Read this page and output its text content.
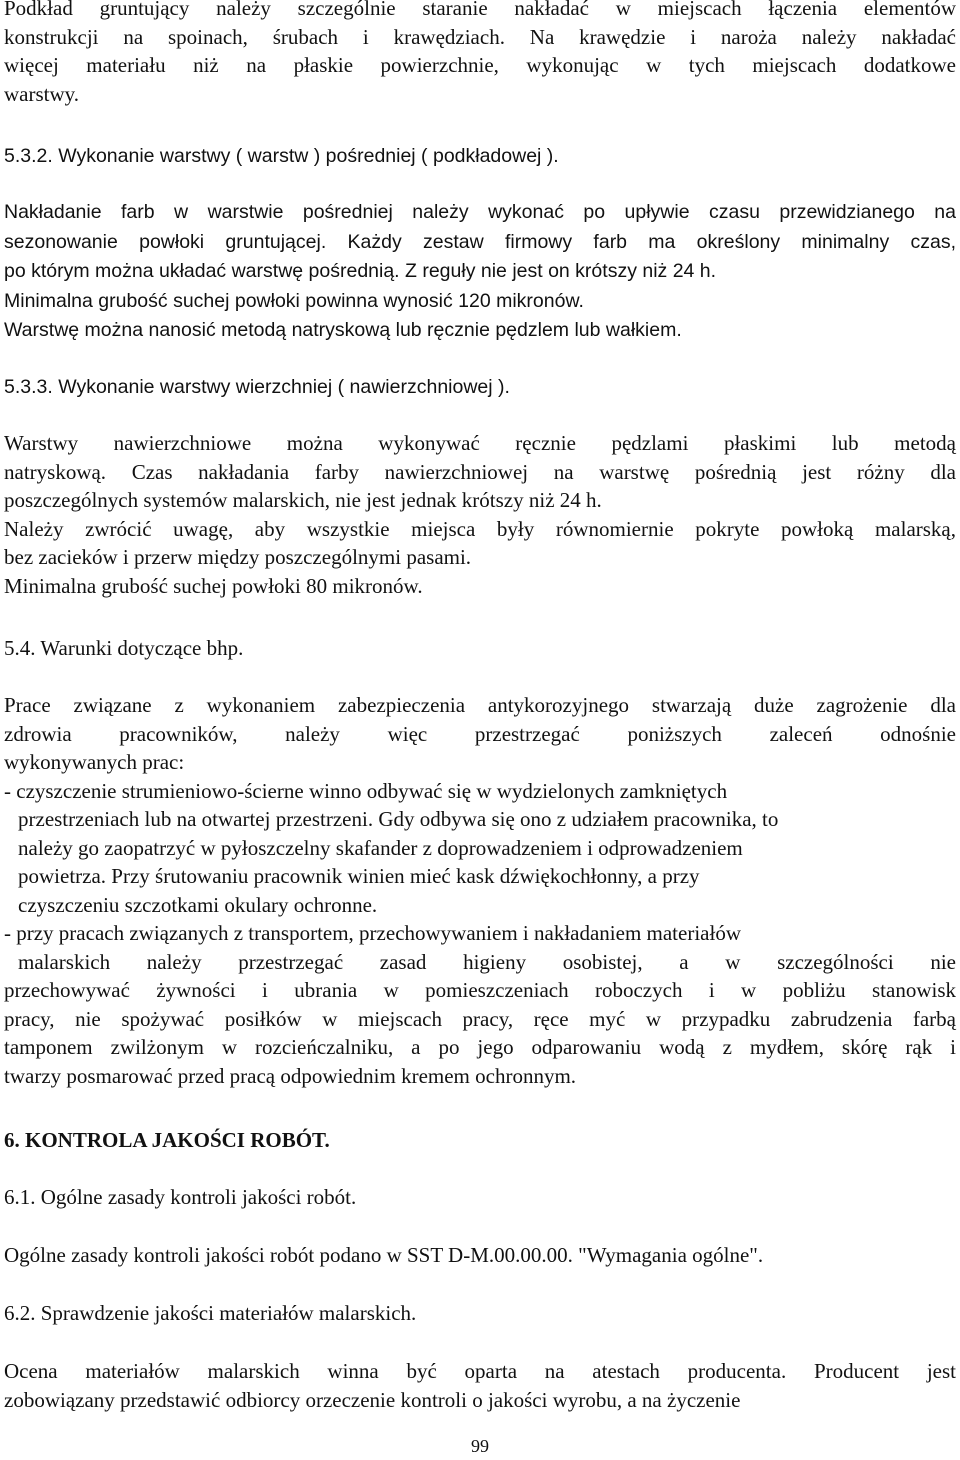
Podkład gruntujący należy szczególnie staranie nakładać w miejscach łączenia elementów
konstrukcji na spoinach, śrubach i krawędziach. Na krawędzie i naroża należy nakładać
więcej materiału niż na płaskie powierzchnie, wykonując w tych miejscach dodatkowe
warstwy.
5.3.2. Wykonanie warstwy ( warstw ) pośredniej ( podkładowej ).
Nakładanie farb w warstwie pośredniej należy wykonać po upływie czasu przewidzianego na
sezonowanie powłoki gruntującej. Każdy zestaw firmowy farb ma określony minimalny czas,
po którym można układać warstwę pośrednią. Z reguły nie jest on krótszy niż 24 h.
Minimalna grubość suchej powłoki powinna wynosić 120 mikronów.
Warstwę można nanosić metodą natryskową lub ręcznie pędzlem lub wałkiem.
5.3.3. Wykonanie warstwy wierzchniej ( nawierzchniowej ).
Warstwy nawierzchniowe można wykonywać ręcznie pędzlami płaskimi lub metodą
natryskową. Czas nakładania farby nawierzchniowej na warstwę pośrednią jest różny dla
poszczególnych systemów malarskich, nie jest jednak krótszy niż 24 h.
Należy zwrócić uwagę, aby wszystkie miejsca były równomiernie pokryte powłoką malarską,
bez zacieków i przerw między poszczególnymi pasami.
Minimalna grubość suchej powłoki 80 mikronów.
5.4. Warunki dotyczące bhp.
Prace związane z wykonaniem zabezpieczenia antykorozyjnego stwarzają duże zagrożenie dla
zdrowia pracowników, należy więc przestrzegać poniższych zaleceń odnośnie
wykonywanych prac:
- czyszczenie strumieniowo-ścierne winno odbywać się w wydzielonych zamkniętych
przestrzeniach lub na otwartej przestrzeni. Gdy odbywa się ono z udziałem pracownika, to
należy go zaopatrzyć w pyłoszczelny skafander z doprowadzeniem i odprowadzeniem
powietrza. Przy śrutowaniu pracownik winien mieć kask dźwiękochłonny, a przy
czyszczeniu szczotkami okulary ochronne.
- przy pracach związanych z transportem, przechowywaniem i nakładaniem materiałów
malarskich należy przestrzegać zasad higieny osobistej, a w szczególności nie
przechowywać żywności i ubrania w pomieszczeniach roboczych i w pobliżu stanowisk
pracy, nie spożywać posiłków w miejscach pracy, ręce myć w przypadku zabrudzenia farbą
tamponem zwilżonym w rozcieńczalniku, a po jego odparowaniu wodą z mydłem, skórę rąk i
twarzy posmarować przed pracą odpowiednim kremem ochronnym.
6. KONTROLA JAKOŚCI ROBÓT.
6.1. Ogólne zasady kontroli jakości robót.
Ogólne zasady kontroli jakości robót podano w SST D-M.00.00.00. "Wymagania ogólne".
6.2. Sprawdzenie jakości materiałów malarskich.
Ocena materiałów malarskich winna być oparta na atestach producenta. Producent jest
zobowiązany przedstawić odbiorcy orzeczenie kontroli o jakości wyrobu, a na życzenie
99
